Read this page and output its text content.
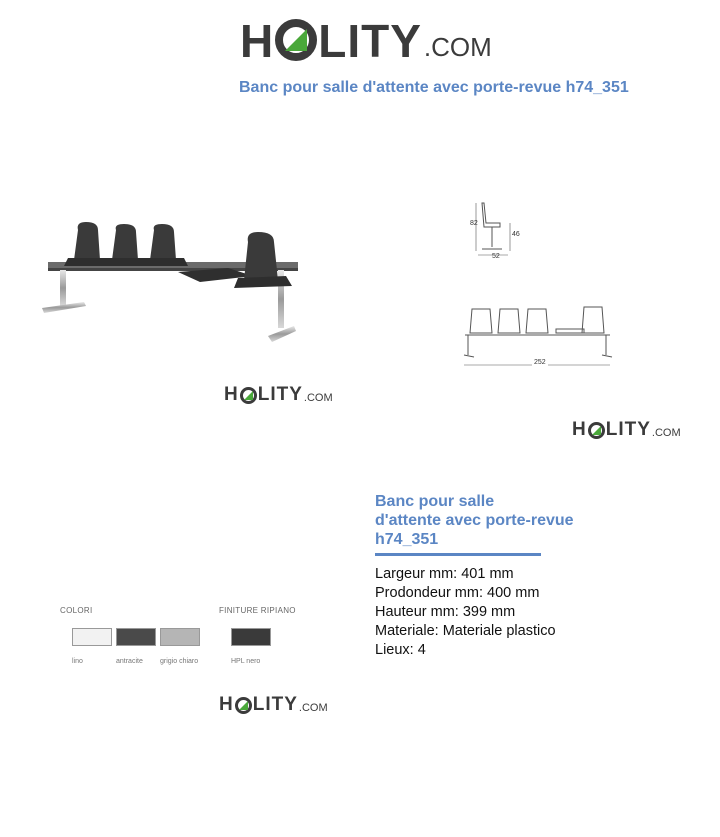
H LITY .COM
Banc pour salle d'attente avec porte-revue h74_351
H LITY .COM
82
46
52
252
H LITY .COM
COLORI	FINITURE RIPIANO
lino	antracite grigio chiaro	HPL nero
H LITY .COM
Banc pour salle
d'attente avec porte-revue
h74_351
Largeur mm: 401 mm
Prodondeur mm: 400 mm
Hauteur mm: 399 mm
Materiale: Materiale plastico
Lieux: 4
